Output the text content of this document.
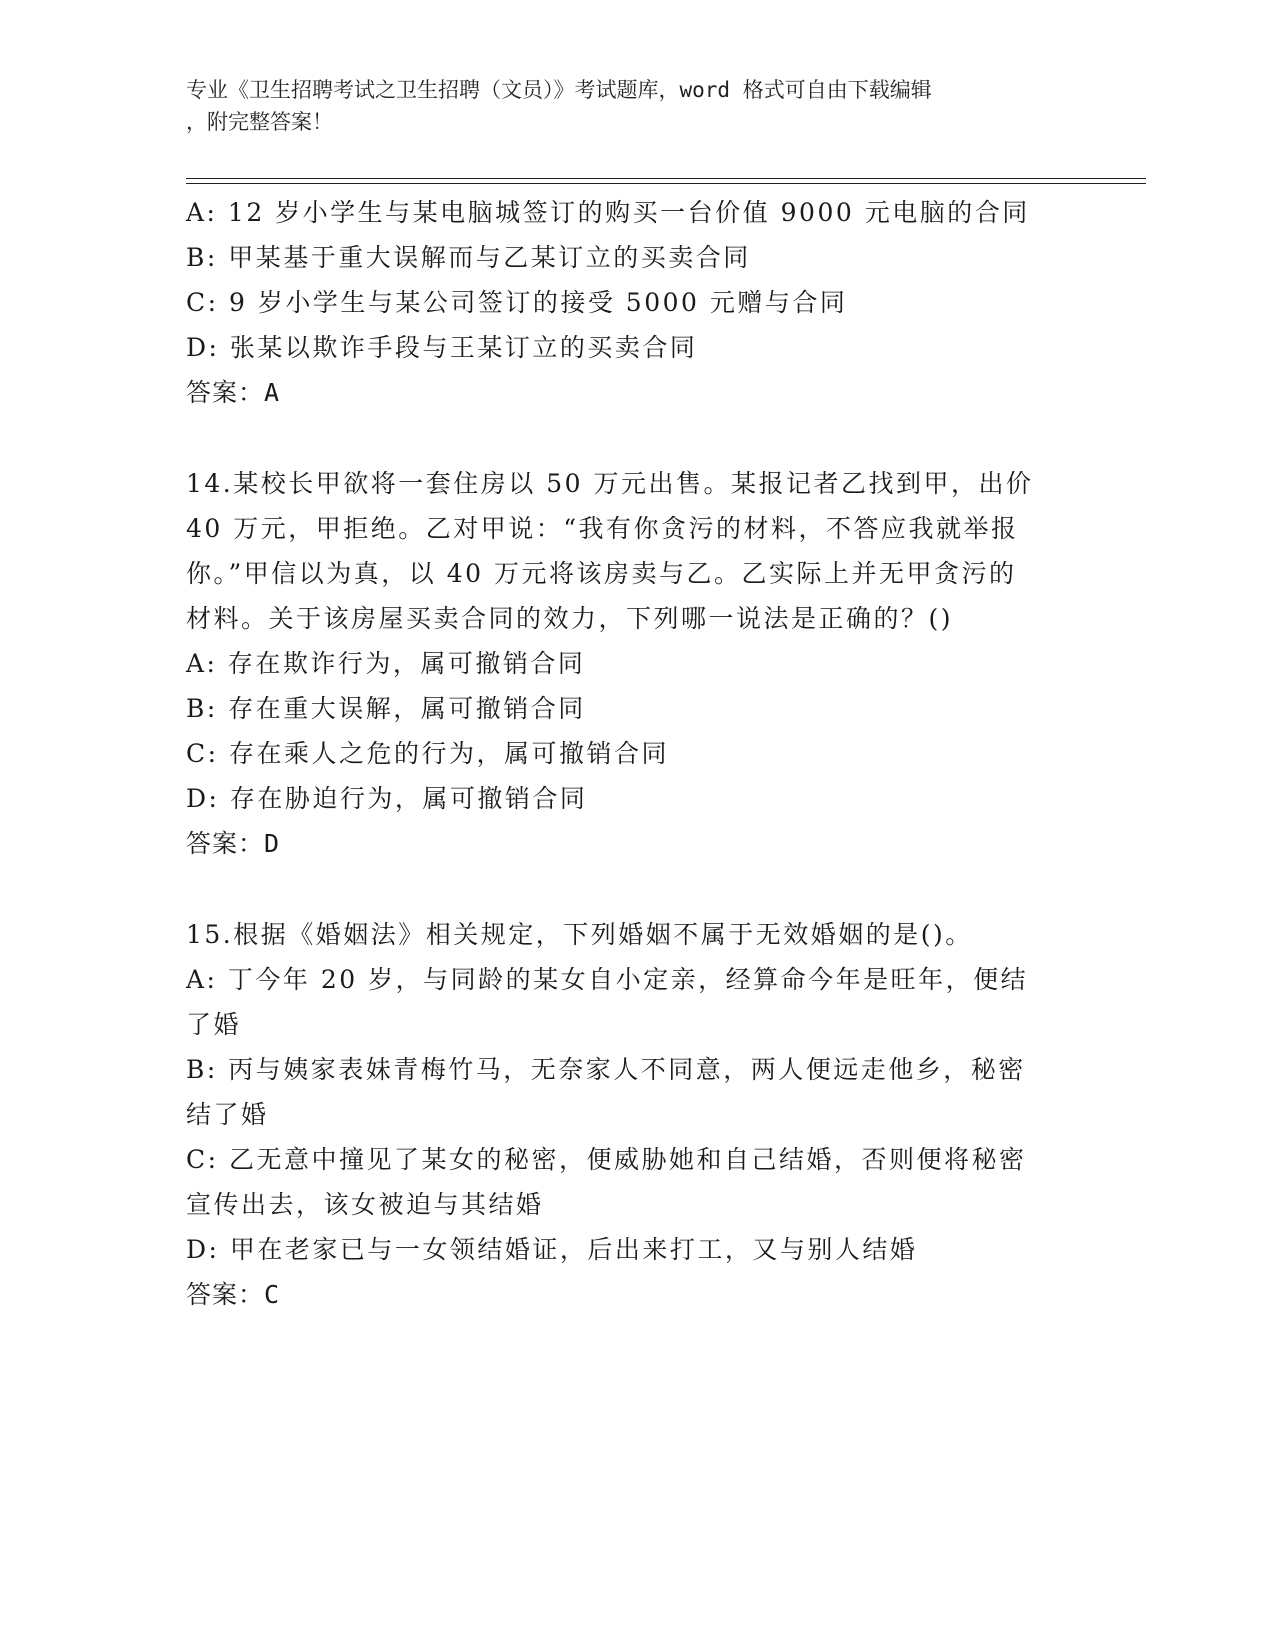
专业《卫生招聘考试之卫生招聘（文员）》考试题库，word 格式可自由下载编辑

，附完整答案！

A: 12 岁小学生与某电脑城签订的购买一台价值 9000 元电脑的合同
B: 甲某基于重大误解而与乙某订立的买卖合同
C: 9 岁小学生与某公司签订的接受 5000 元赠与合同
D: 张某以欺诈手段与王某订立的买卖合同
答案：A
14.某校长甲欲将一套住房以 50 万元出售。某报记者乙找到甲，出价
40 万元，甲拒绝。乙对甲说：“我有你贪污的材料，不答应我就举报
你。”甲信以为真，以 40 万元将该房卖与乙。乙实际上并无甲贪污的
材料。关于该房屋买卖合同的效力，下列哪一说法是正确的？()
A: 存在欺诈行为，属可撤销合同
B: 存在重大误解，属可撤销合同
C: 存在乘人之危的行为，属可撤销合同
D: 存在胁迫行为，属可撤销合同
答案：D
15.根据《婚姻法》相关规定，下列婚姻不属于无效婚姻的是()。
A: 丁今年 20 岁，与同龄的某女自小定亲，经算命今年是旺年，便结
了婚
B: 丙与姨家表妹青梅竹马，无奈家人不同意，两人便远走他乡，秘密
结了婚
C: 乙无意中撞见了某女的秘密，便威胁她和自己结婚，否则便将秘密
宣传出去，该女被迫与其结婚
D: 甲在老家已与一女领结婚证，后出来打工，又与别人结婚
答案：C
